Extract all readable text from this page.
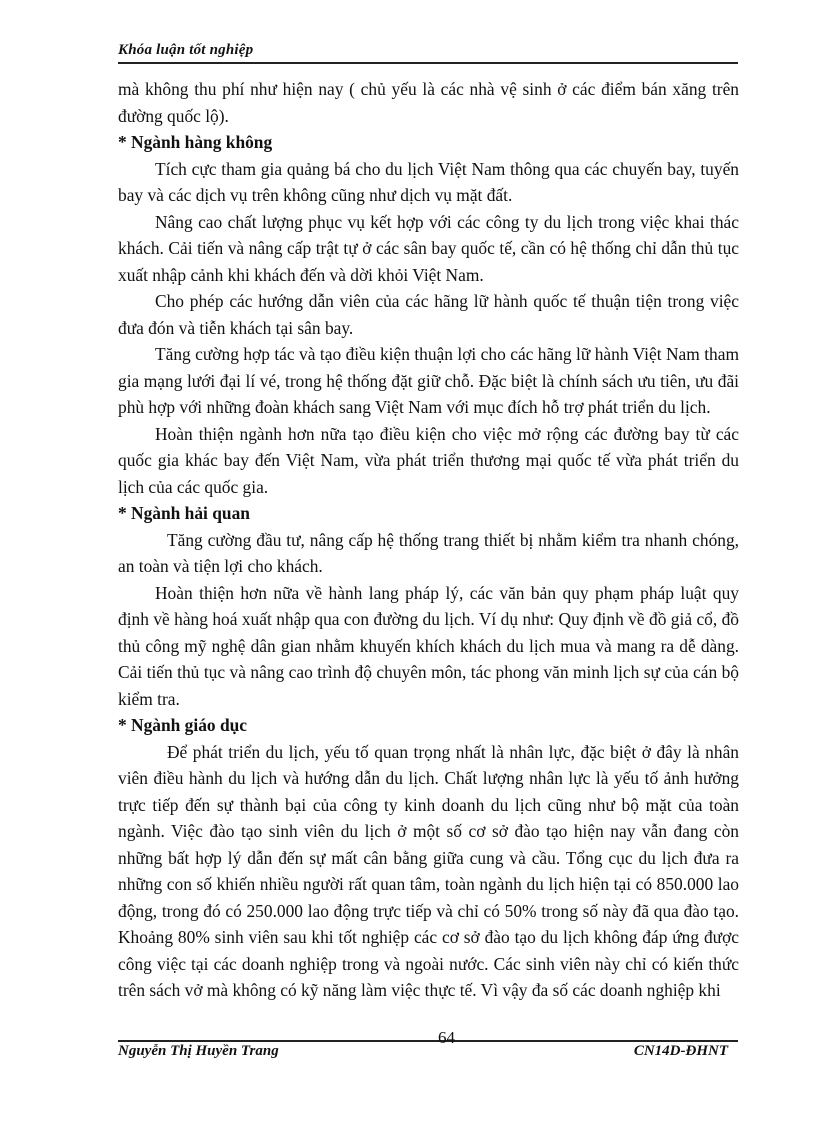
Khóa luận tốt nghiệp

mà không thu phí như hiện nay ( chủ yếu là các nhà vệ sinh ở các điểm bán xăng trên đường quốc lộ).

* Ngành hàng không

Tích cực tham gia quảng bá cho du lịch Việt Nam thông qua các chuyến bay, tuyến bay và các dịch vụ trên không cũng như dịch vụ mặt đất.

Nâng cao chất lượng phục vụ kết hợp với các công ty du lịch trong việc khai thác khách. Cải tiến và nâng cấp trật tự ở các sân bay quốc tế, cần có hệ thống chỉ dẫn thủ tục xuất nhập cảnh khi khách đến và dời khỏi Việt Nam.

Cho phép các hướng dẫn viên của các hãng lữ hành quốc tế thuận tiện trong việc đưa đón và tiễn khách tại sân bay.

Tăng cường hợp tác và tạo điều kiện thuận lợi cho các hãng lữ hành Việt Nam tham gia mạng lưới đại lí vé, trong hệ thống đặt giữ chỗ. Đặc biệt là chính sách ưu tiên, ưu đãi phù hợp với những đoàn khách sang Việt Nam với mục đích hỗ trợ phát triển du lịch.

Hoàn thiện ngành hơn nữa tạo điều kiện cho việc mở rộng các đường bay từ các quốc gia khác bay đến Việt Nam, vừa phát triển thương mại quốc tế vừa phát triển du lịch của các quốc gia.

* Ngành hải quan

Tăng cường đầu tư, nâng cấp hệ thống trang thiết bị nhằm kiểm tra nhanh chóng, an toàn và tiện lợi cho khách.

Hoàn thiện hơn nữa về hành lang pháp lý, các văn bản quy phạm pháp luật quy định về hàng hoá xuất nhập qua con đường du lịch. Ví dụ như: Quy định về đồ giả cổ, đồ thủ công mỹ nghệ dân gian nhằm khuyến khích khách du lịch mua và mang ra dễ dàng. Cải tiến thủ tục và nâng cao trình độ chuyên môn, tác phong văn minh lịch sự của cán bộ kiểm tra.

* Ngành giáo dục

Để phát triển du lịch, yếu tố quan trọng nhất là nhân lực, đặc biệt ở đây là nhân viên điều hành du lịch và hướng dẫn du lịch. Chất lượng nhân lực là yếu tố ảnh hưởng trực tiếp đến sự thành bại của công ty kinh doanh du lịch cũng như bộ mặt của toàn ngành. Việc đào tạo sinh viên du lịch ở một số cơ sở đào tạo hiện nay vẫn đang còn những bất hợp lý dẫn đến sự mất cân bằng giữa cung và cầu. Tổng cục du lịch đưa ra những con số khiến nhiều người rất quan tâm, toàn ngành du lịch hiện tại có 850.000 lao động, trong đó có 250.000 lao động trực tiếp và chỉ có 50% trong số này đã qua đào tạo. Khoảng 80% sinh viên sau khi tốt nghiệp các cơ sở đào tạo du lịch không đáp ứng được công việc tại các doanh nghiệp trong và ngoài nước. Các sinh viên này chỉ có kiến thức trên sách vở mà không có kỹ năng làm việc thực tế. Vì vậy đa số các doanh nghiệp khi

Nguyễn Thị Huyền Trang
64
CN14D-ĐHNT
